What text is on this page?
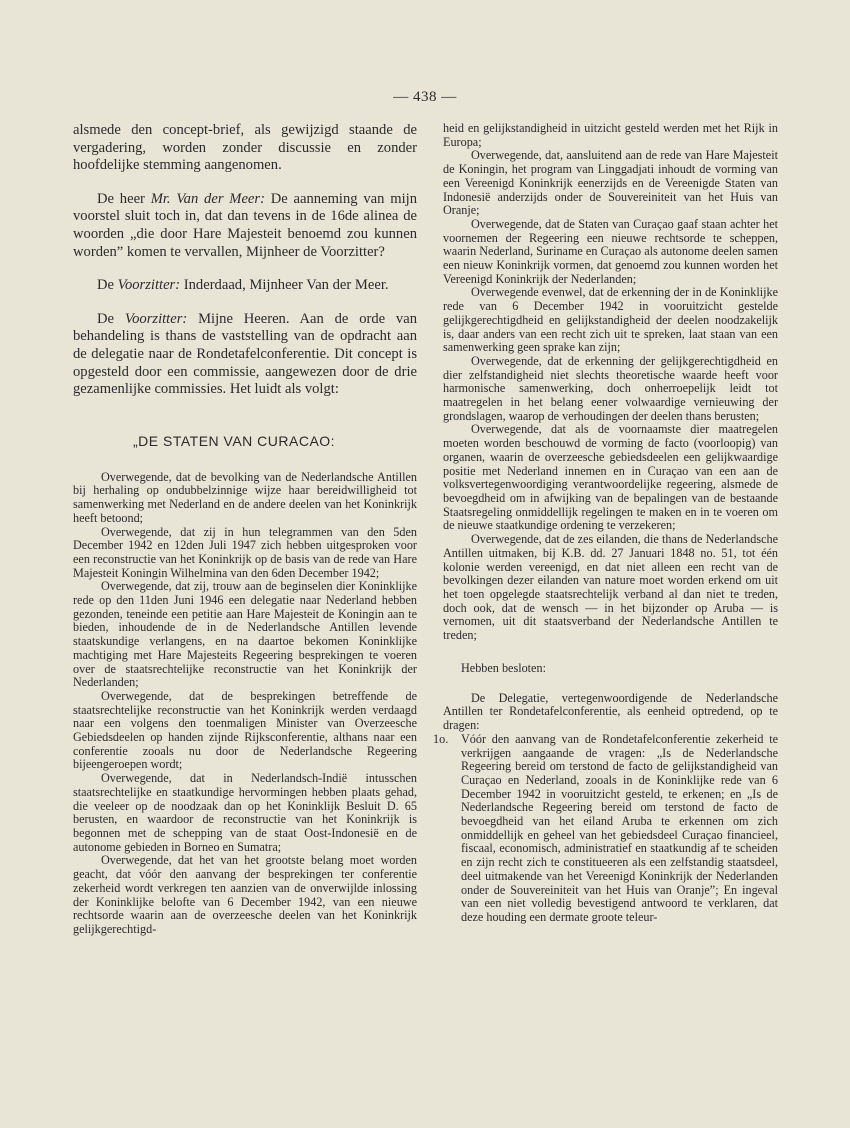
— 438 —

alsmede den concept-brief, als gewijzigd staande de vergadering, worden zonder discussie en zonder hoofdelijke stemming aangenomen.

De heer Mr. Van der Meer: De aanneming van mijn voorstel sluit toch in, dat dan tevens in de 16de alinea de woorden „die door Hare Majesteit benoemd zou kunnen worden” komen te vervallen, Mijnheer de Voorzitter?

De Voorzitter: Inderdaad, Mijnheer Van der Meer.

De Voorzitter: Mijne Heeren. Aan de orde van behandeling is thans de vaststelling van de opdracht aan de delegatie naar de Rondetafelconferentie. Dit concept is opgesteld door een commissie, aangewezen door de drie gezamenlijke commissies. Het luidt als volgt:

„DE STATEN VAN CURACAO:

Overwegende, dat de bevolking van de Nederlandsche Antillen bij herhaling op ondubbelzinnige wijze haar bereidwilligheid tot samenwerking met Nederland en de andere deelen van het Koninkrijk heeft betoond;

Overwegende, dat zij in hun telegrammen van den 5den December 1942 en 12den Juli 1947 zich hebben uitgesproken voor een reconstructie van het Koninkrijk op de basis van de rede van Hare Majesteit Koningin Wilhelmina van den 6den December 1942;

Overwegende, dat zij, trouw aan de beginselen dier Koninklijke rede op den 11den Juni 1946 een delegatie naar Nederland hebben gezonden, teneinde een petitie aan Hare Majesteit de Koningin aan te bieden, inhoudende de in de Nederlandsche Antillen levende staatskundige verlangens, en na daartoe bekomen Koninklijke machtiging met Hare Majesteits Regeering besprekingen te voeren over de staatsrechtelijke reconstructie van het Koninkrijk der Nederlanden;

Overwegende, dat de besprekingen betreffende de staatsrechtelijke reconstructie van het Koninkrijk werden verdaagd naar een volgens den toenmaligen Minister van Overzeesche Gebiedsdeelen op handen zijnde Rijksconferentie, althans naar een conferentie zooals nu door de Nederlandsche Regeering bijeengeroepen wordt;

Overwegende, dat in Nederlandsch-Indië intusschen staatsrechtelijke en staatkundige hervormingen hebben plaats gehad, die veeleer op de noodzaak dan op het Koninklijk Besluit D. 65 berusten, en waardoor de reconstructie van het Koninkrijk is begonnen met de schepping van de staat Oost-Indonesië en de autonome gebieden in Borneo en Sumatra;

Overwegende, dat het van het grootste belang moet worden geacht, dat vóór den aanvang der besprekingen ter conferentie zekerheid wordt verkregen ten aanzien van de onverwijlde inlossing der Koninklijke belofte van 6 December 1942, van een nieuwe rechtsorde waarin aan de overzeesche deelen van het Koninkrijk gelijkgerechtigd-

heid en gelijkstandigheid in uitzicht gesteld werden met het Rijk in Europa;

Overwegende, dat, aansluitend aan de rede van Hare Majesteit de Koningin, het program van Linggadjati inhoudt de vorming van een Vereenigd Koninkrijk eenerzijds en de Vereenigde Staten van Indonesië anderzijds onder de Souvereiniteit van het Huis van Oranje;

Overwegende, dat de Staten van Curaçao gaaf staan achter het voornemen der Regeering een nieuwe rechtsorde te scheppen, waarin Nederland, Suriname en Curaçao als autonome deelen samen een nieuw Koninkrijk vormen, dat genoemd zou kunnen worden het Vereenigd Koninkrijk der Nederlanden;

Overwegende evenwel, dat de erkenning der in de Koninklijke rede van 6 December 1942 in vooruitzicht gestelde gelijkgerechtigdheid en gelijkstandigheid der deelen noodzakelijk is, daar anders van een recht zich uit te spreken, laat staan van een samenwerking geen sprake kan zijn;

Overwegende, dat de erkenning der gelijkgerechtigdheid en dier zelfstandigheid niet slechts theoretische waarde heeft voor harmonische samenwerking, doch onherroepelijk leidt tot maatregelen in het belang eener volwaardige vernieuwing der grondslagen, waarop de verhoudingen der deelen thans berusten;

Overwegende, dat als de voornaamste dier maatregelen moeten worden beschouwd de vorming de facto (voorloopig) van organen, waarin de overzeesche gebiedsdeelen een gelijkwaardige positie met Nederland innemen en in Curaçao van een aan de volksvertegenwoordiging verantwoordelijke regeering, alsmede de bevoegdheid om in afwijking van de bepalingen van de bestaande Staatsregeling onmiddellijk regelingen te maken en in te voeren om de nieuwe staatkundige ordening te verzekeren;

Overwegende, dat de zes eilanden, die thans de Nederlandsche Antillen uitmaken, bij K.B. dd. 27 Januari 1848 no. 51, tot één kolonie werden vereenigd, en dat niet alleen een recht van de bevolkingen dezer eilanden van nature moet worden erkend om uit het toen opgelegde staatsrechtelijk verband al dan niet te treden, doch ook, dat de wensch — in het bijzonder op Aruba — is vernomen, uit dit staatsverband der Nederlandsche Antillen te treden;

Hebben besloten:

De Delegatie, vertegenwoordigende de Nederlandsche Antillen ter Rondetafelconferentie, als eenheid optredend, op te dragen:

1o. Vóór den aanvang van de Rondetafelconferentie zekerheid te verkrijgen aangaande de vragen: „Is de Nederlandsche Regeering bereid om terstond de facto de gelijkstandigheid van Curaçao en Nederland, zooals in de Koninklijke rede van 6 December 1942 in vooruitzicht gesteld, te erkenen; en „Is de Nederlandsche Regeering bereid om terstond de facto de bevoegdheid van het eiland Aruba te erkennen om zich onmiddellijk en geheel van het gebiedsdeel Curaçao financieel, fiscaal, economisch, administratief en staatkundig af te scheiden en zijn recht zich te constitueeren als een zelfstandig staatsdeel, deel uitmakende van het Vereenigd Koninkrijk der Nederlanden onder de Souvereiniteit van het Huis van Oranje”; En ingeval van een niet volledig bevestigend antwoord te verklaren, dat deze houding een dermate groote teleur-
